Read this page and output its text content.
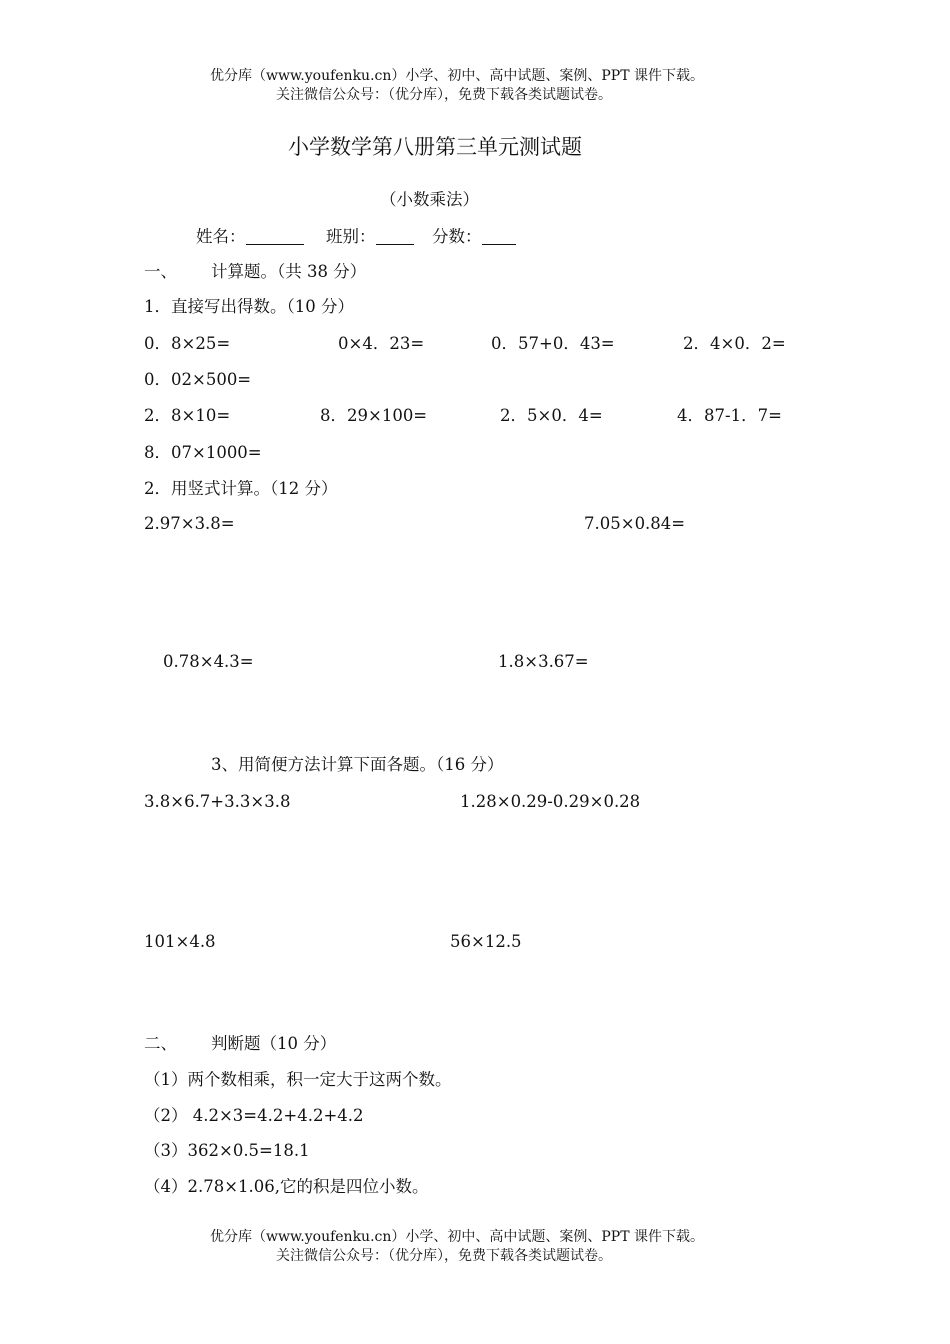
优分库（www.youfenku.cn）小学、初中、高中试题、案例、PPT 课件下载。
关注微信公众号：（优分库），免费下载各类试题试卷。
小学数学第八册第三单元测试题
（小数乘法）
姓名：	班别：	分数：
一、 计算题。（共 38 分）
1．直接写出得数。（10 分）
0．8×25=	0×4．23=	0．57+0．43=	2．4×0．2=
0．02×500=
2．8×10=	8．29×100=	2．5×0．4=	4．87-1．7=
8．07×1000=
2．用竖式计算。（12 分）
2.97×3.8=	7.05×0.84=
0.78×4.3=	1.8×3.67=
3、用简便方法计算下面各题。（16 分）
3.8×6.7+3.3×3.8	1.28×0.29-0.29×0.28
101×4.8	56×12.5
二、 判断题（10 分）
（1）两个数相乘，积一定大于这两个数。
（2） 4.2×3=4.2+4.2+4.2
（3）362×0.5=18.1
（4）2.78×1.06,它的积是四位小数。
优分库（www.youfenku.cn）小学、初中、高中试题、案例、PPT 课件下载。
关注微信公众号：（优分库），免费下载各类试题试卷。
